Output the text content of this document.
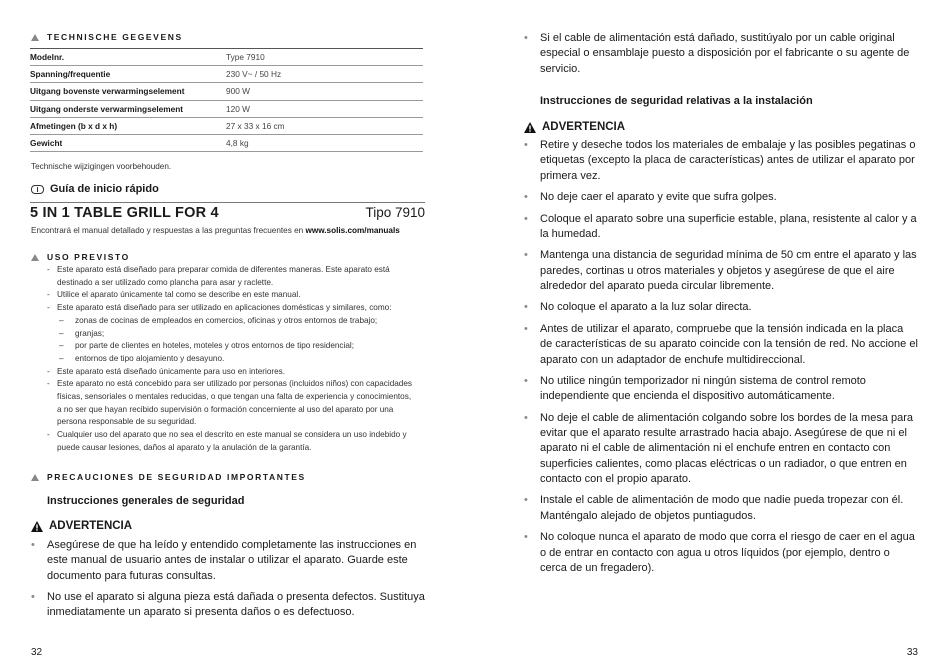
TECHNISCHE GEGEVENS
Modelnr.	Type 7910
Spanning/frequentie	230 V~ / 50 Hz
Uitgang bovenste verwarmingselement	900 W
Uitgang onderste verwarmingselement	120 W
Afmetingen (b x d x h)	27 x 33 x 16 cm
Gewicht	4,8 kg
Technische wijzigingen voorbehouden.
Guía de inicio rápido
5 IN 1 TABLE GRILL FOR 4	Tipo 7910
Encontrará el manual detallado y respuestas a las preguntas frecuentes en www.solis.com/manuals
USO PREVISTO
- Este aparato está diseñado para preparar comida de diferentes maneras. Este aparato está
destinado a ser utilizado como plancha para asar y raclette.
- Utilice el aparato únicamente tal como se describe en este manual.
- Este aparato está diseñado para ser utilizado en aplicaciones domésticas y similares, como:
– zonas de cocinas de empleados en comercios, oficinas y otros entornos de trabajo;
– granjas;
– por parte de clientes en hoteles, moteles y otros entornos de tipo residencial;
– entornos de tipo alojamiento y desayuno.
- Este aparato está diseñado únicamente para uso en interiores.
- Este aparato no está concebido para ser utilizado por personas (incluidos niños) con capacidades
físicas, sensoriales o mentales reducidas, o que tengan una falta de experiencia y conocimientos,
a no ser que hayan recibido supervisión o formación concerniente al uso del aparato por una
persona responsable de su seguridad.
- Cualquier uso del aparato que no sea el descrito en este manual se considera un uso indebido y
puede causar lesiones, daños al aparato y la anulación de la garantía.
PRECAUCIONES DE SEGURIDAD IMPORTANTES
Instrucciones generales de seguridad
ADVERTENCIA
• Asegúrese de que ha leído y entendido completamente las instrucciones en este manual de usuario antes de instalar o utilizar el aparato. Guarde este documento para futuras consultas.
• No use el aparato si alguna pieza está dañada o presenta defectos. Sustituya inmediatamente un aparato si presenta daños o es defectuoso.
32
• Si el cable de alimentación está dañado, sustitúyalo por un cable original especial o ensamblaje puesto a disposición por el fabricante o su agente de servicio.
Instrucciones de seguridad relativas a la instalación
ADVERTENCIA
• Retire y deseche todos los materiales de embalaje y las posibles pegatinas o etiquetas (excepto la placa de características) antes de utilizar el aparato por primera vez.
• No deje caer el aparato y evite que sufra golpes.
• Coloque el aparato sobre una superficie estable, plana, resistente al calor y a la humedad.
• Mantenga una distancia de seguridad mínima de 50 cm entre el aparato y las paredes, cortinas u otros materiales y objetos y asegúrese de que el aire alrededor del aparato pueda circular libremente.
• No coloque el aparato a la luz solar directa.
• Antes de utilizar el aparato, compruebe que la tensión indicada en la placa de características de su aparato coincide con la tensión de red. No accione el aparato con un adaptador de enchufe multidireccional.
• No utilice ningún temporizador ni ningún sistema de control remoto independiente que encienda el dispositivo automáticamente.
• No deje el cable de alimentación colgando sobre los bordes de la mesa para evitar que el aparato resulte arrastrado hacia abajo. Asegúrese de que ni el aparato ni el cable de alimentación ni el enchufe entren en contacto con superficies calientes, como placas eléctricas o un radiador, o que entren en contacto con el propio aparato.
• Instale el cable de alimentación de modo que nadie pueda tropezar con él. Manténgalo alejado de objetos puntiagudos.
• No coloque nunca el aparato de modo que corra el riesgo de caer en el agua o de entrar en contacto con agua u otros líquidos (por ejemplo, dentro o cerca de un fregadero).
33
